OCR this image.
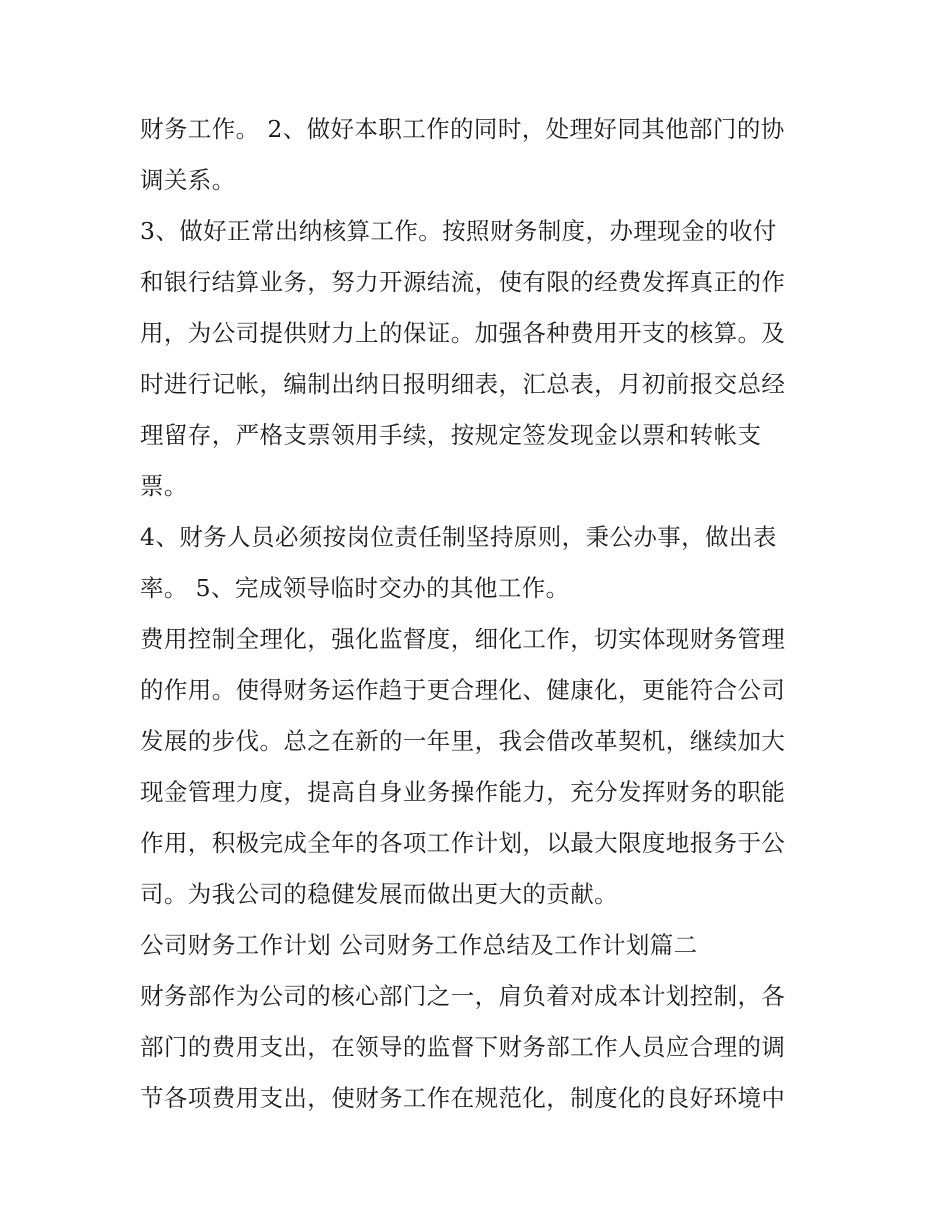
财务工作。 2、做好本职工作的同时，处理好同其他部门的协
调关系。
3、做好正常出纳核算工作。按照财务制度，办理现金的收付
和银行结算业务，努力开源结流，使有限的经费发挥真正的作
用，为公司提供财力上的保证。加强各种费用开支的核算。及
时进行记帐，编制出纳日报明细表，汇总表，月初前报交总经
理留存，严格支票领用手续，按规定签发现金以票和转帐支
票。
4、财务人员必须按岗位责任制坚持原则，秉公办事，做出表
率。 5、完成领导临时交办的其他工作。
费用控制全理化，强化监督度，细化工作，切实体现财务管理
的作用。使得财务运作趋于更合理化、健康化，更能符合公司
发展的步伐。总之在新的一年里，我会借改革契机，继续加大
现金管理力度，提高自身业务操作能力，充分发挥财务的职能
作用，积极完成全年的各项工作计划，以最大限度地报务于公
司。为我公司的稳健发展而做出更大的贡献。
公司财务工作计划 公司财务工作总结及工作计划篇二
财务部作为公司的核心部门之一，肩负着对成本计划控制，各
部门的费用支出，在领导的监督下财务部工作人员应合理的调
节各项费用支出，使财务工作在规范化，制度化的良好环境中
